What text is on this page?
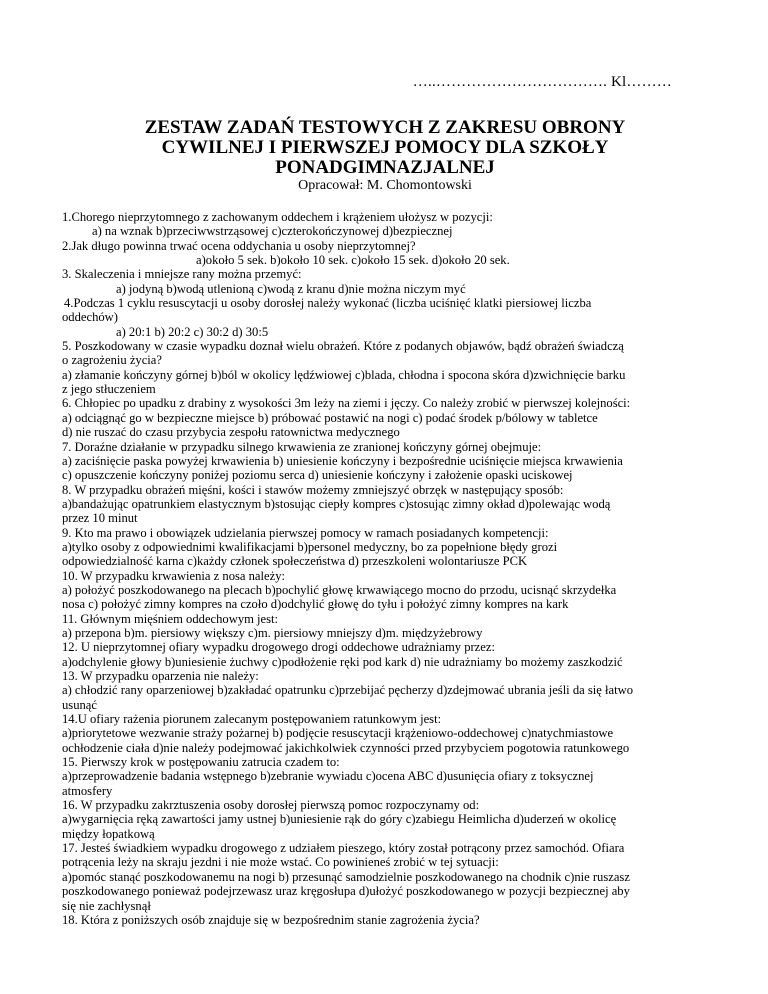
…..……………………………. Kl………
ZESTAW ZADAŃ TESTOWYCH Z ZAKRESU OBRONY
CYWILNEJ I PIERWSZEJ POMOCY DLA SZKOŁY
PONADGIMNAZJALNEJ
Opracował: M. Chomontowski
1.Chorego nieprzytomnego z zachowanym oddechem i krążeniem ułożysz w pozycji:
a) na wznak b)przeciwwstrząsowej c)czterokończynowej d)bezpiecznej
2.Jak długo powinna trwać ocena oddychania u osoby nieprzytomnej?
a)około 5 sek. b)około 10 sek. c)około 15 sek. d)około 20 sek.
3. Skaleczenia i mniejsze rany można przemyć:
a) jodyną b)wodą utlenioną c)wodą z kranu d)nie można niczym myć
4.Podczas 1 cyklu resuscytacji u osoby dorosłej należy wykonać (liczba uciśnięć klatki piersiowej liczba
oddechów)
a) 20:1 b) 20:2 c) 30:2 d) 30:5
5. Poszkodowany w czasie wypadku doznał wielu obrażeń. Które z podanych objawów, bądź obrażeń świadczą
o zagrożeniu życia?
a) złamanie kończyny górnej b)ból w okolicy lędźwiowej c)blada, chłodna i spocona skóra d)zwichnięcie barku
z jego stłuczeniem
6. Chłopiec po upadku z drabiny z wysokości 3m leży na ziemi i jęczy. Co należy zrobić w pierwszej kolejności:
a) odciągnąć go w bezpieczne miejsce b) próbować postawić na nogi c) podać środek p/bólowy w tabletce
d) nie ruszać do czasu przybycia zespołu ratownictwa medycznego
7. Doraźne działanie w przypadku silnego krwawienia ze zranionej kończyny górnej obejmuje:
a) zaciśnięcie paska powyżej krwawienia b) uniesienie kończyny i bezpośrednie uciśnięcie miejsca krwawienia
c) opuszczenie kończyny poniżej poziomu serca d) uniesienie kończyny i założenie opaski uciskowej
8. W przypadku obrażeń mięśni, kości i stawów możemy zmniejszyć obrzęk w następujący sposób:
a)bandażując opatrunkiem elastycznym b)stosując ciepły kompres c)stosując zimny okład d)polewając wodą
przez 10 minut
9. Kto ma prawo i obowiązek udzielania pierwszej pomocy w ramach posiadanych kompetencji:
a)tylko osoby z odpowiednimi kwalifikacjami b)personel medyczny, bo za popełnione błędy grozi
odpowiedzialność karna c)każdy członek społeczeństwa d) przeszkoleni wolontariusze PCK
10. W przypadku krwawienia z nosa należy:
a) położyć poszkodowanego na plecach b)pochylić głowę krwawiącego mocno do przodu, ucisnąć skrzydełka
nosa c) położyć zimny kompres na czoło d)odchylić głowę do tyłu i położyć zimny kompres na kark
11. Głównym mięśniem oddechowym jest:
a) przepona b)m. piersiowy większy c)m. piersiowy mniejszy d)m. międzyżebrowy
12. U nieprzytomnej ofiary wypadku drogowego drogi oddechowe udrażniamy przez:
a)odchylenie głowy b)uniesienie żuchwy c)podłożenie ręki pod kark d) nie udrażniamy bo możemy zaszkodzić
13. W przypadku oparzenia nie należy:
a) chłodzić rany oparzeniowej b)zakładać opatrunku c)przebijać pęcherzy d)zdejmować ubrania jeśli da się łatwo
usunąć
14.U ofiary rażenia piorunem zalecanym postępowaniem ratunkowym jest:
a)priorytetowe wezwanie straży pożarnej b) podjęcie resuscytacji krążeniowo-oddechowej c)natychmiastowe
ochłodzenie ciała d)nie należy podejmować jakichkolwiek czynności przed przybyciem pogotowia ratunkowego
15. Pierwszy krok w postępowaniu zatrucia czadem to:
a)przeprowadzenie badania wstępnego b)zebranie wywiadu c)ocena ABC d)usunięcia ofiary z toksycznej
atmosfery
16. W przypadku zakrztuszenia osoby dorosłej pierwszą pomoc rozpoczynamy od:
a)wygarnięcia ręką zawartości jamy ustnej b)uniesienie rąk do góry c)zabiegu Heimlicha d)uderzeń w okolicę
między łopatkową
17. Jesteś świadkiem wypadku drogowego z udziałem pieszego, który został potrącony przez samochód. Ofiara
potrącenia leży na skraju jezdni i nie może wstać. Co powinieneś zrobić w tej sytuacji:
a)pomóc stanąć poszkodowanemu na nogi b) przesunąć samodzielnie poszkodowanego na chodnik c)nie ruszasz
poszkodowanego ponieważ podejrzewasz uraz kręgosłupa d)ułożyć poszkodowanego w pozycji bezpiecznej aby
się nie zachłysnął
18. Która z poniższych osób znajduje się w bezpośrednim stanie zagrożenia życia?
